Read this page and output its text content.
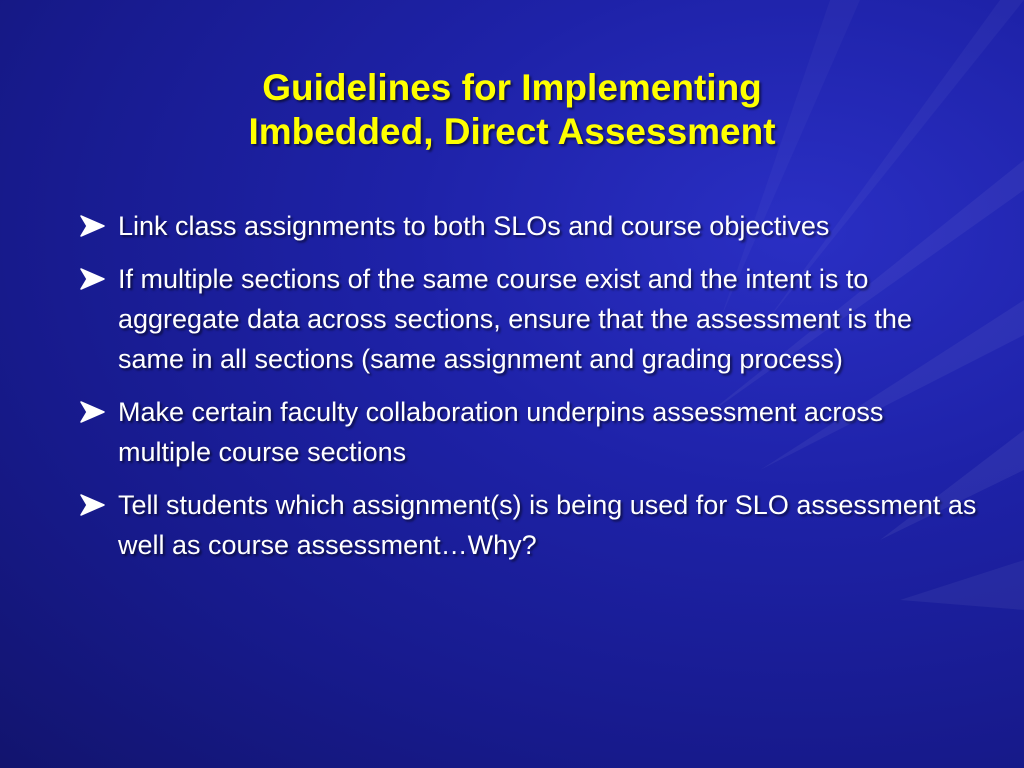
Guidelines for Implementing
Imbedded, Direct Assessment
Link class assignments to both SLOs and course objectives
If multiple sections of the same course exist and the intent is to aggregate data across sections, ensure that the assessment is the same in all sections (same assignment and grading process)
Make certain faculty collaboration underpins assessment across multiple course sections
Tell students which assignment(s) is being used for SLO assessment as well as course assessment…Why?
